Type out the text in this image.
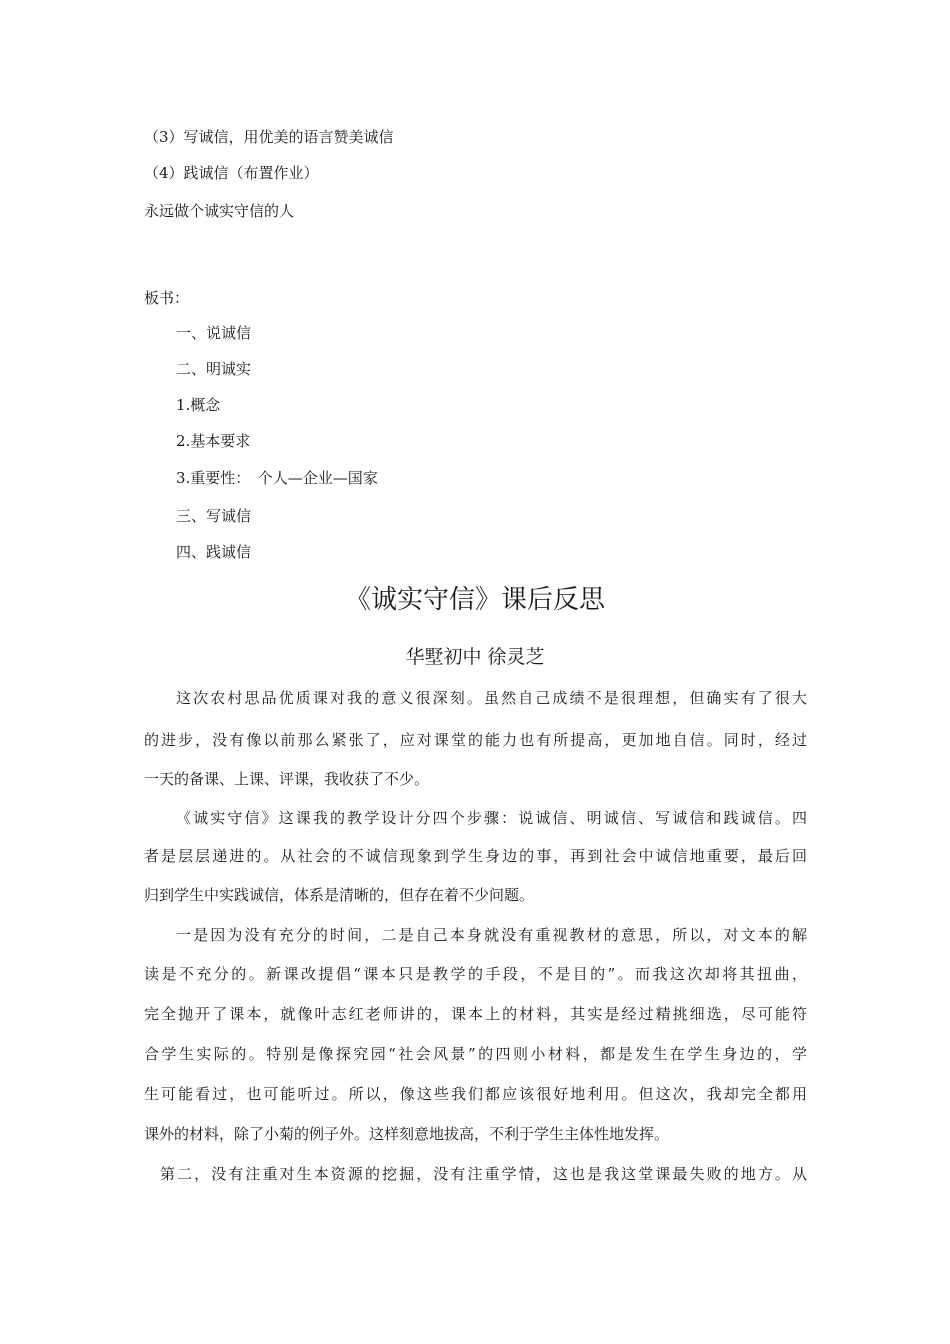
（3）写诚信，用优美的语言赞美诚信
（4）践诚信（布置作业）
永远做个诚实守信的人
板书：
一、说诚信
二、明诚实
1.概念
2.基本要求
3.重要性：　个人—企业—国家
三、写诚信
四、践诚信
《诚实守信》课后反思
华墅初中 徐灵芝
这次农村思品优质课对我的意义很深刻。虽然自己成绩不是很理想，但确实有了很大
的进步，没有像以前那么紧张了，应对课堂的能力也有所提高，更加地自信。同时，经过
一天的备课、上课、评课，我收获了不少。
《诚实守信》这课我的教学设计分四个步骤：说诚信、明诚信、写诚信和践诚信。四
者是层层递进的。从社会的不诚信现象到学生身边的事，再到社会中诚信地重要，最后回
归到学生中实践诚信，体系是清晰的，但存在着不少问题。
一是因为没有充分的时间，二是自己本身就没有重视教材的意思，所以，对文本的解
读是不充分的。新课改提倡“课本只是教学的手段，不是目的”。而我这次却将其扭曲，
完全抛开了课本，就像叶志红老师讲的，课本上的材料，其实是经过精挑细选，尽可能符
合学生实际的。特别是像探究园“社会风景”的四则小材料，都是发生在学生身边的，学
生可能看过，也可能听过。所以，像这些我们都应该很好地利用。但这次，我却完全都用
课外的材料，除了小菊的例子外。这样刻意地拔高，不利于学生主体性地发挥。
第二，没有注重对生本资源的挖掘，没有注重学情，这也是我这堂课最失败的地方。从
